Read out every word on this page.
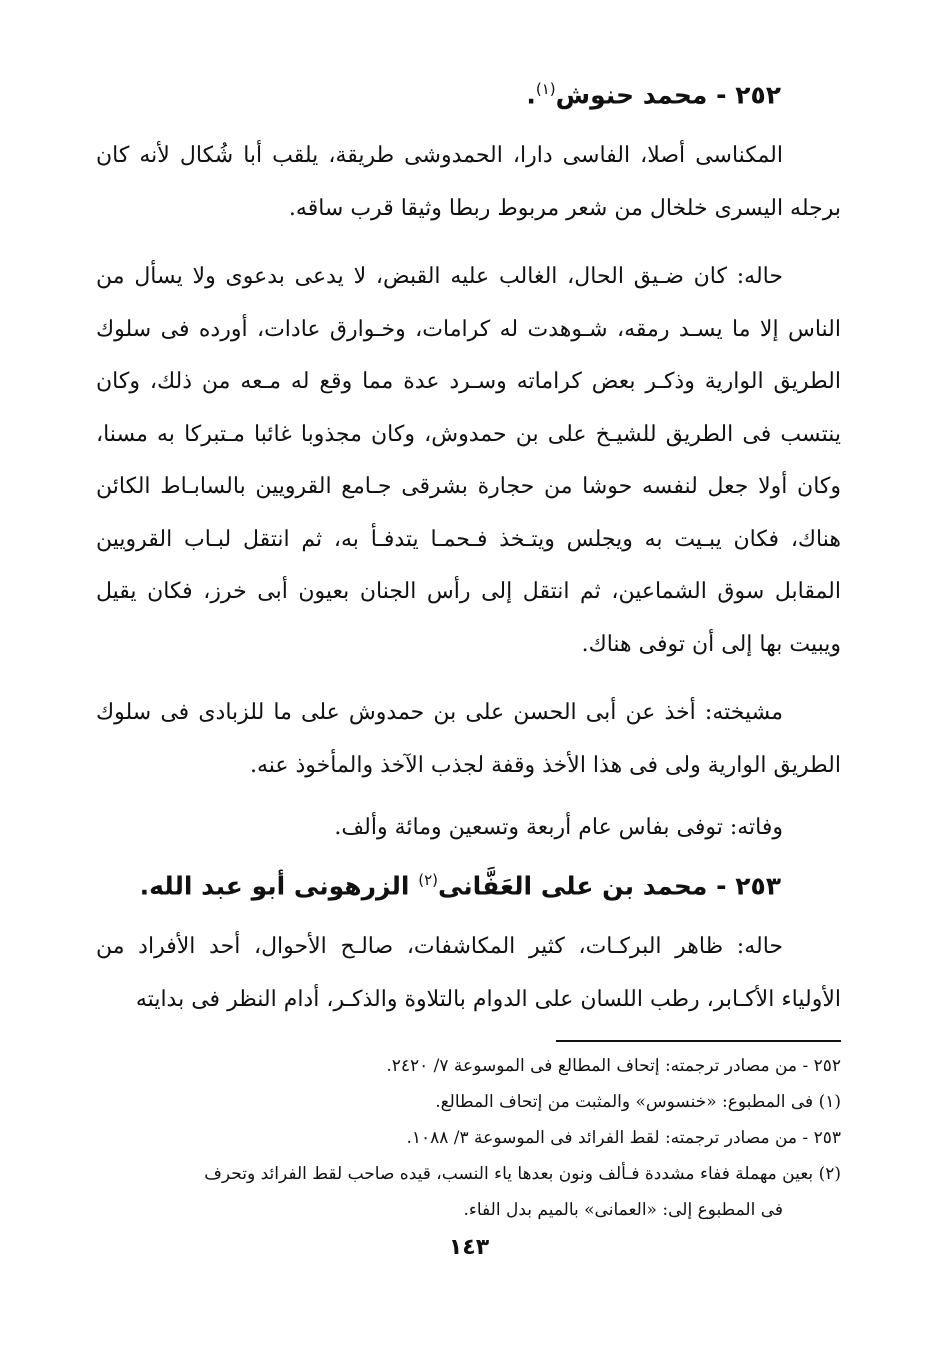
٢٥٢ - محمد حنوش$^{(١)}$.

المكناسى أصلا، الفاسى دارا، الحمدوشى طريقة، يلقب أبا شُكال لأنه كان برجله اليسرى خلخال من شعر مربوط ربطا وثيقا قرب ساقه.

حاله: كان ضـيق الحال، الغالب عليه القبض، لا يدعى بدعوى ولا يسأل من الناس إلا ما يسـد رمقه، شـوهدت له كرامات، وخـوارق عادات، أورده فى سلوك الطريق الوارية وذكـر بعض كراماته وسـرد عدة مما وقع له مـعه من ذلك، وكان ينتسب فى الطريق للشيـخ على بن حمدوش، وكان مجذوبا غائبا مـتبركا به مسنا، وكان أولا جعل لنفسه حوشا من حجارة بشرقى جـامع القرويين بالسابـاط الكائن هناك، فكان يبـيت به ويجلس ويتـخذ فـحمـا يتدفـأ به، ثم انتقل لبـاب القرويين المقابل سوق الشماعين، ثم انتقل إلى رأس الجنان بعيون أبى خرز، فكان يقيل ويبيت بها إلى أن توفى هناك.

مشيخته: أخذ عن أبى الحسن على بن حمدوش على ما للزبادى فى سلوك الطريق الوارية ولى فى هذا الأخذ وقفة لجذب الآخذ والمأخوذ عنه.

وفاته: توفى بفاس عام أربعة وتسعين ومائة وألف.

٢٥٣ - محمد بن على العَفَّانى$^{(٢)}$ الزرهونى أبو عبد الله.

حاله: ظاهر البركـات، كثير المكاشفات، صالـح الأحوال، أحد الأفراد من الأولياء الأكـابر، رطب اللسان على الدوام بالتلاوة والذكـر، أدام النظر فى بدايته

٢٥٢ - من مصادر ترجمته: إتحاف المطالع فى الموسوعة ٧/ ٢٤٢٠.

(١) فى المطبوع: «خنسوس» والمثبت من إتحاف المطالع.

٢٥٣ - من مصادر ترجمته: لقط الفرائد فى الموسوعة ٣/ ١٠٨٨.

(٢) بعين مهملة ففاء مشددة فـألف ونون بعدها ياء النسب، قيده صاحب لقط الفرائد وتحرف

فى المطبوع إلى: «العمانى» بالميم بدل الفاء.

١٤٣
